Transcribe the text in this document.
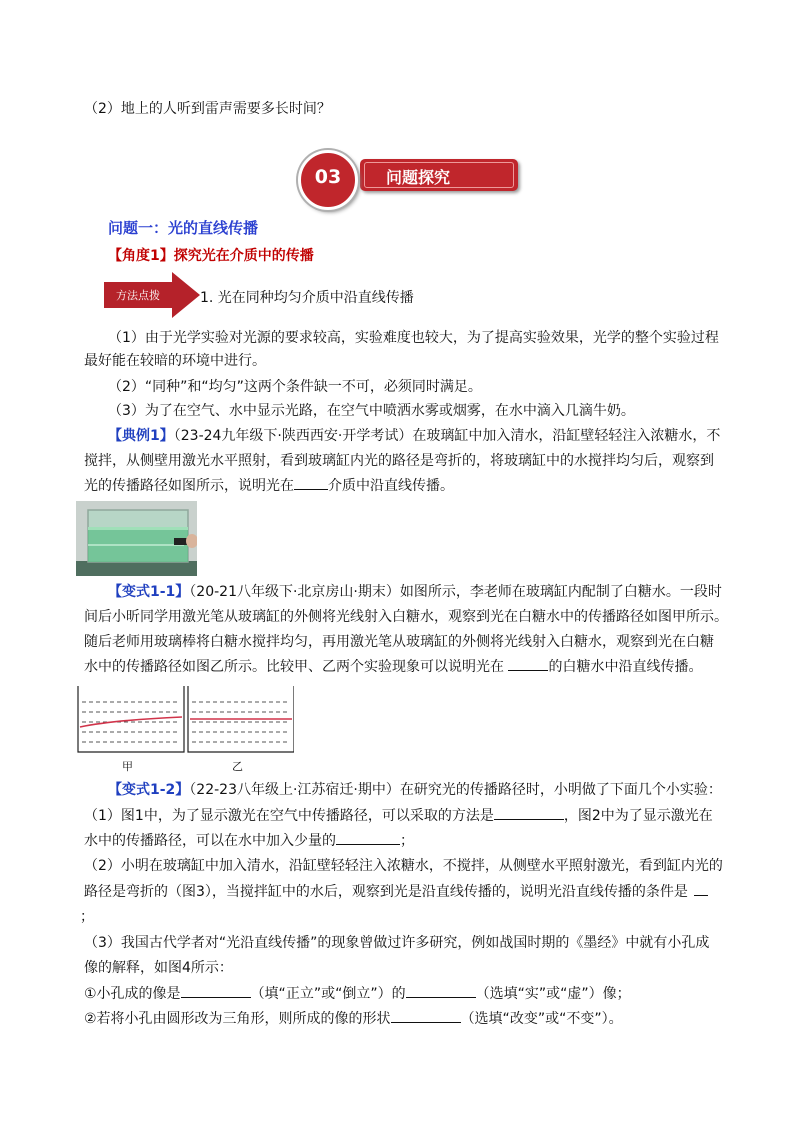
（2）地上的人听到雷声需要多长时间？
问题探究
03
问题一：光的直线传播
【角度1】探究光在介质中的传播
方法点拨	1. 光在同种均匀介质中沿直线传播
（1）由于光学实验对光源的要求较高，实验难度也较大，为了提高实验效果，光学的整个实验过程
最好能在较暗的环境中进行。
（2）“同种”和“均匀”这两个条件缺一不可，必须同时满足。
（3）为了在空气、水中显示光路，在空气中喷洒水雾或烟雾，在水中滴入几滴牛奶。
【典例1】（23-24九年级下·陕西西安·开学考试）在玻璃缸中加入清水，沿缸壁轻轻注入浓糖水，不
搅拌，从侧壁用激光水平照射，看到玻璃缸内光的路径是弯折的，将玻璃缸中的水搅拌均匀后，观察到
光的传播路径如图所示，说明光在 介质中沿直线传播。
【变式1-1】（20-21八年级下·北京房山·期末）如图所示，李老师在玻璃缸内配制了白糖水。一段时
间后小昕同学用激光笔从玻璃缸的外侧将光线射入白糖水，观察到光在白糖水中的传播路径如图甲所示。
随后老师用玻璃棒将白糖水搅拌均匀，再用激光笔从玻璃缸的外侧将光线射入白糖水，观察到光在白糖
水中的传播路径如图乙所示。比较甲、乙两个实验现象可以说明光在	的白糖水中沿直线传播。
甲	乙
【变式1-2】（22-23八年级上·江苏宿迁·期中）在研究光的传播路径时，小明做了下面几个小实验：
（1）图1中，为了显示激光在空气中传播路径，可以采取的方法是	，图2中为了显示激光在
水中的传播路径，可以在水中加入少量的	；
（2）小明在玻璃缸中加入清水，沿缸壁轻轻注入浓糖水，不搅拌，从侧壁水平照射激光，看到缸内光的
路径是弯折的（图3），当搅拌缸中的水后，观察到光是沿直线传播的，说明光沿直线传播的条件是
；
（3）我国古代学者对“光沿直线传播”的现象曾做过许多研究，例如战国时期的《墨经》中就有小孔成
像的解释，如图4所示：
①小孔成的像是	（填“正立”或“倒立”）的	（选填“实”或“虚”）像；
②若将小孔由圆形改为三角形，则所成的像的形状	（选填“改变”或“不变”）。
